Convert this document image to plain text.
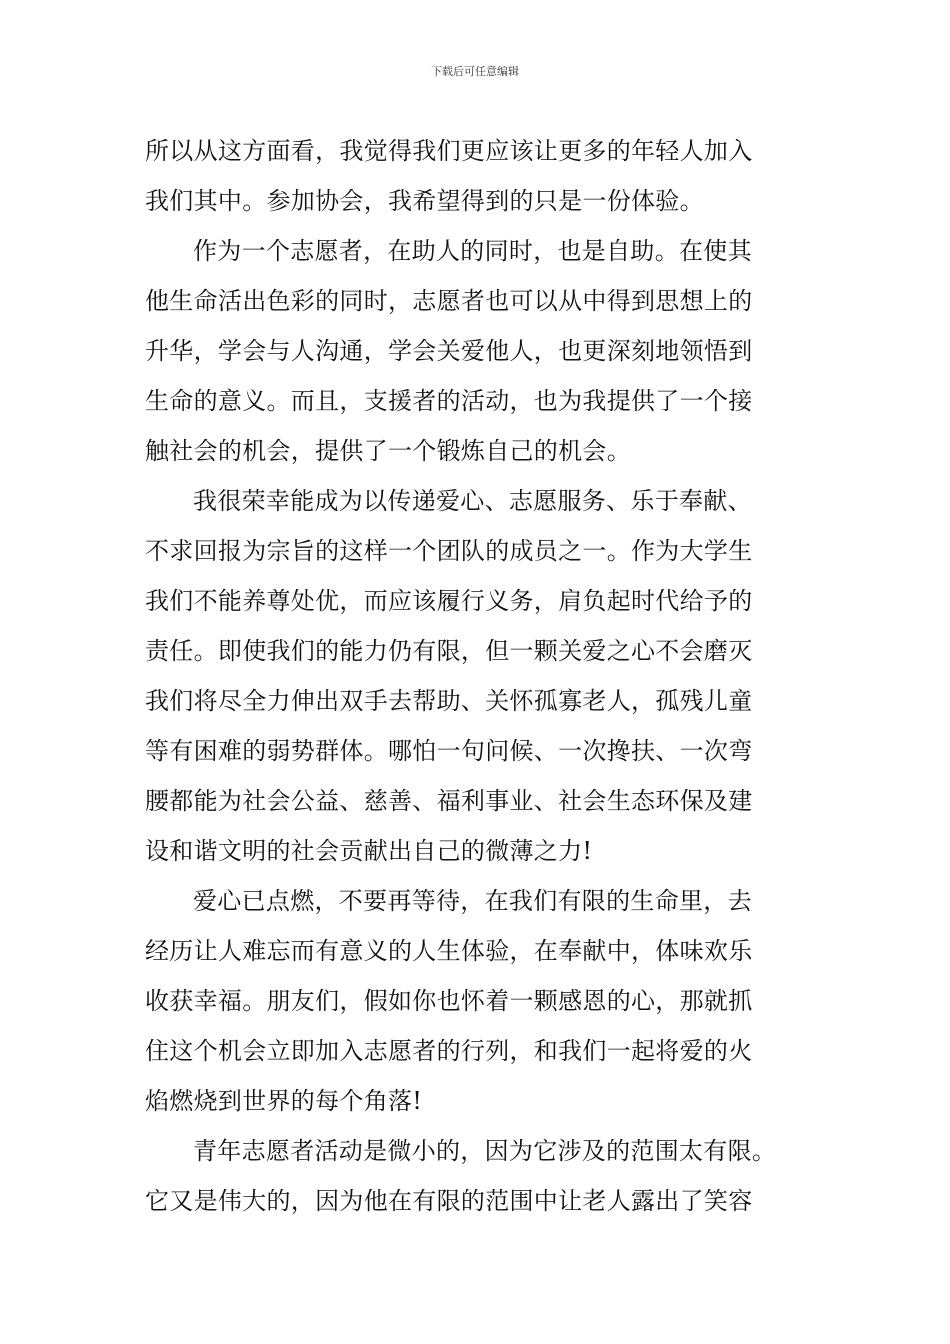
下载后可任意编辑
所以从这方面看，我觉得我们更应该让更多的年轻人加入
我们其中。参加协会，我希望得到的只是一份体验。
作为一个志愿者，在助人的同时，也是自助。在使其
他生命活出色彩的同时，志愿者也可以从中得到思想上的
升华，学会与人沟通，学会关爱他人，也更深刻地领悟到
生命的意义。而且，支援者的活动，也为我提供了一个接
触社会的机会，提供了一个锻炼自己的机会。
我很荣幸能成为以传递爱心、志愿服务、乐于奉献、
不求回报为宗旨的这样一个团队的成员之一。作为大学生
我们不能养尊处优，而应该履行义务，肩负起时代给予的
责任。即使我们的能力仍有限，但一颗关爱之心不会磨灭
我们将尽全力伸出双手去帮助、关怀孤寡老人，孤残儿童
等有困难的弱势群体。哪怕一句问候、一次搀扶、一次弯
腰都能为社会公益、慈善、福利事业、社会生态环保及建
设和谐文明的社会贡献出自己的微薄之力!
爱心已点燃，不要再等待，在我们有限的生命里，去
经历让人难忘而有意义的人生体验，在奉献中，体味欢乐
收获幸福。朋友们，假如你也怀着一颗感恩的心，那就抓
住这个机会立即加入志愿者的行列，和我们一起将爱的火
焰燃烧到世界的每个角落!
青年志愿者活动是微小的，因为它涉及的范围太有限。
它又是伟大的，因为他在有限的范围中让老人露出了笑容
